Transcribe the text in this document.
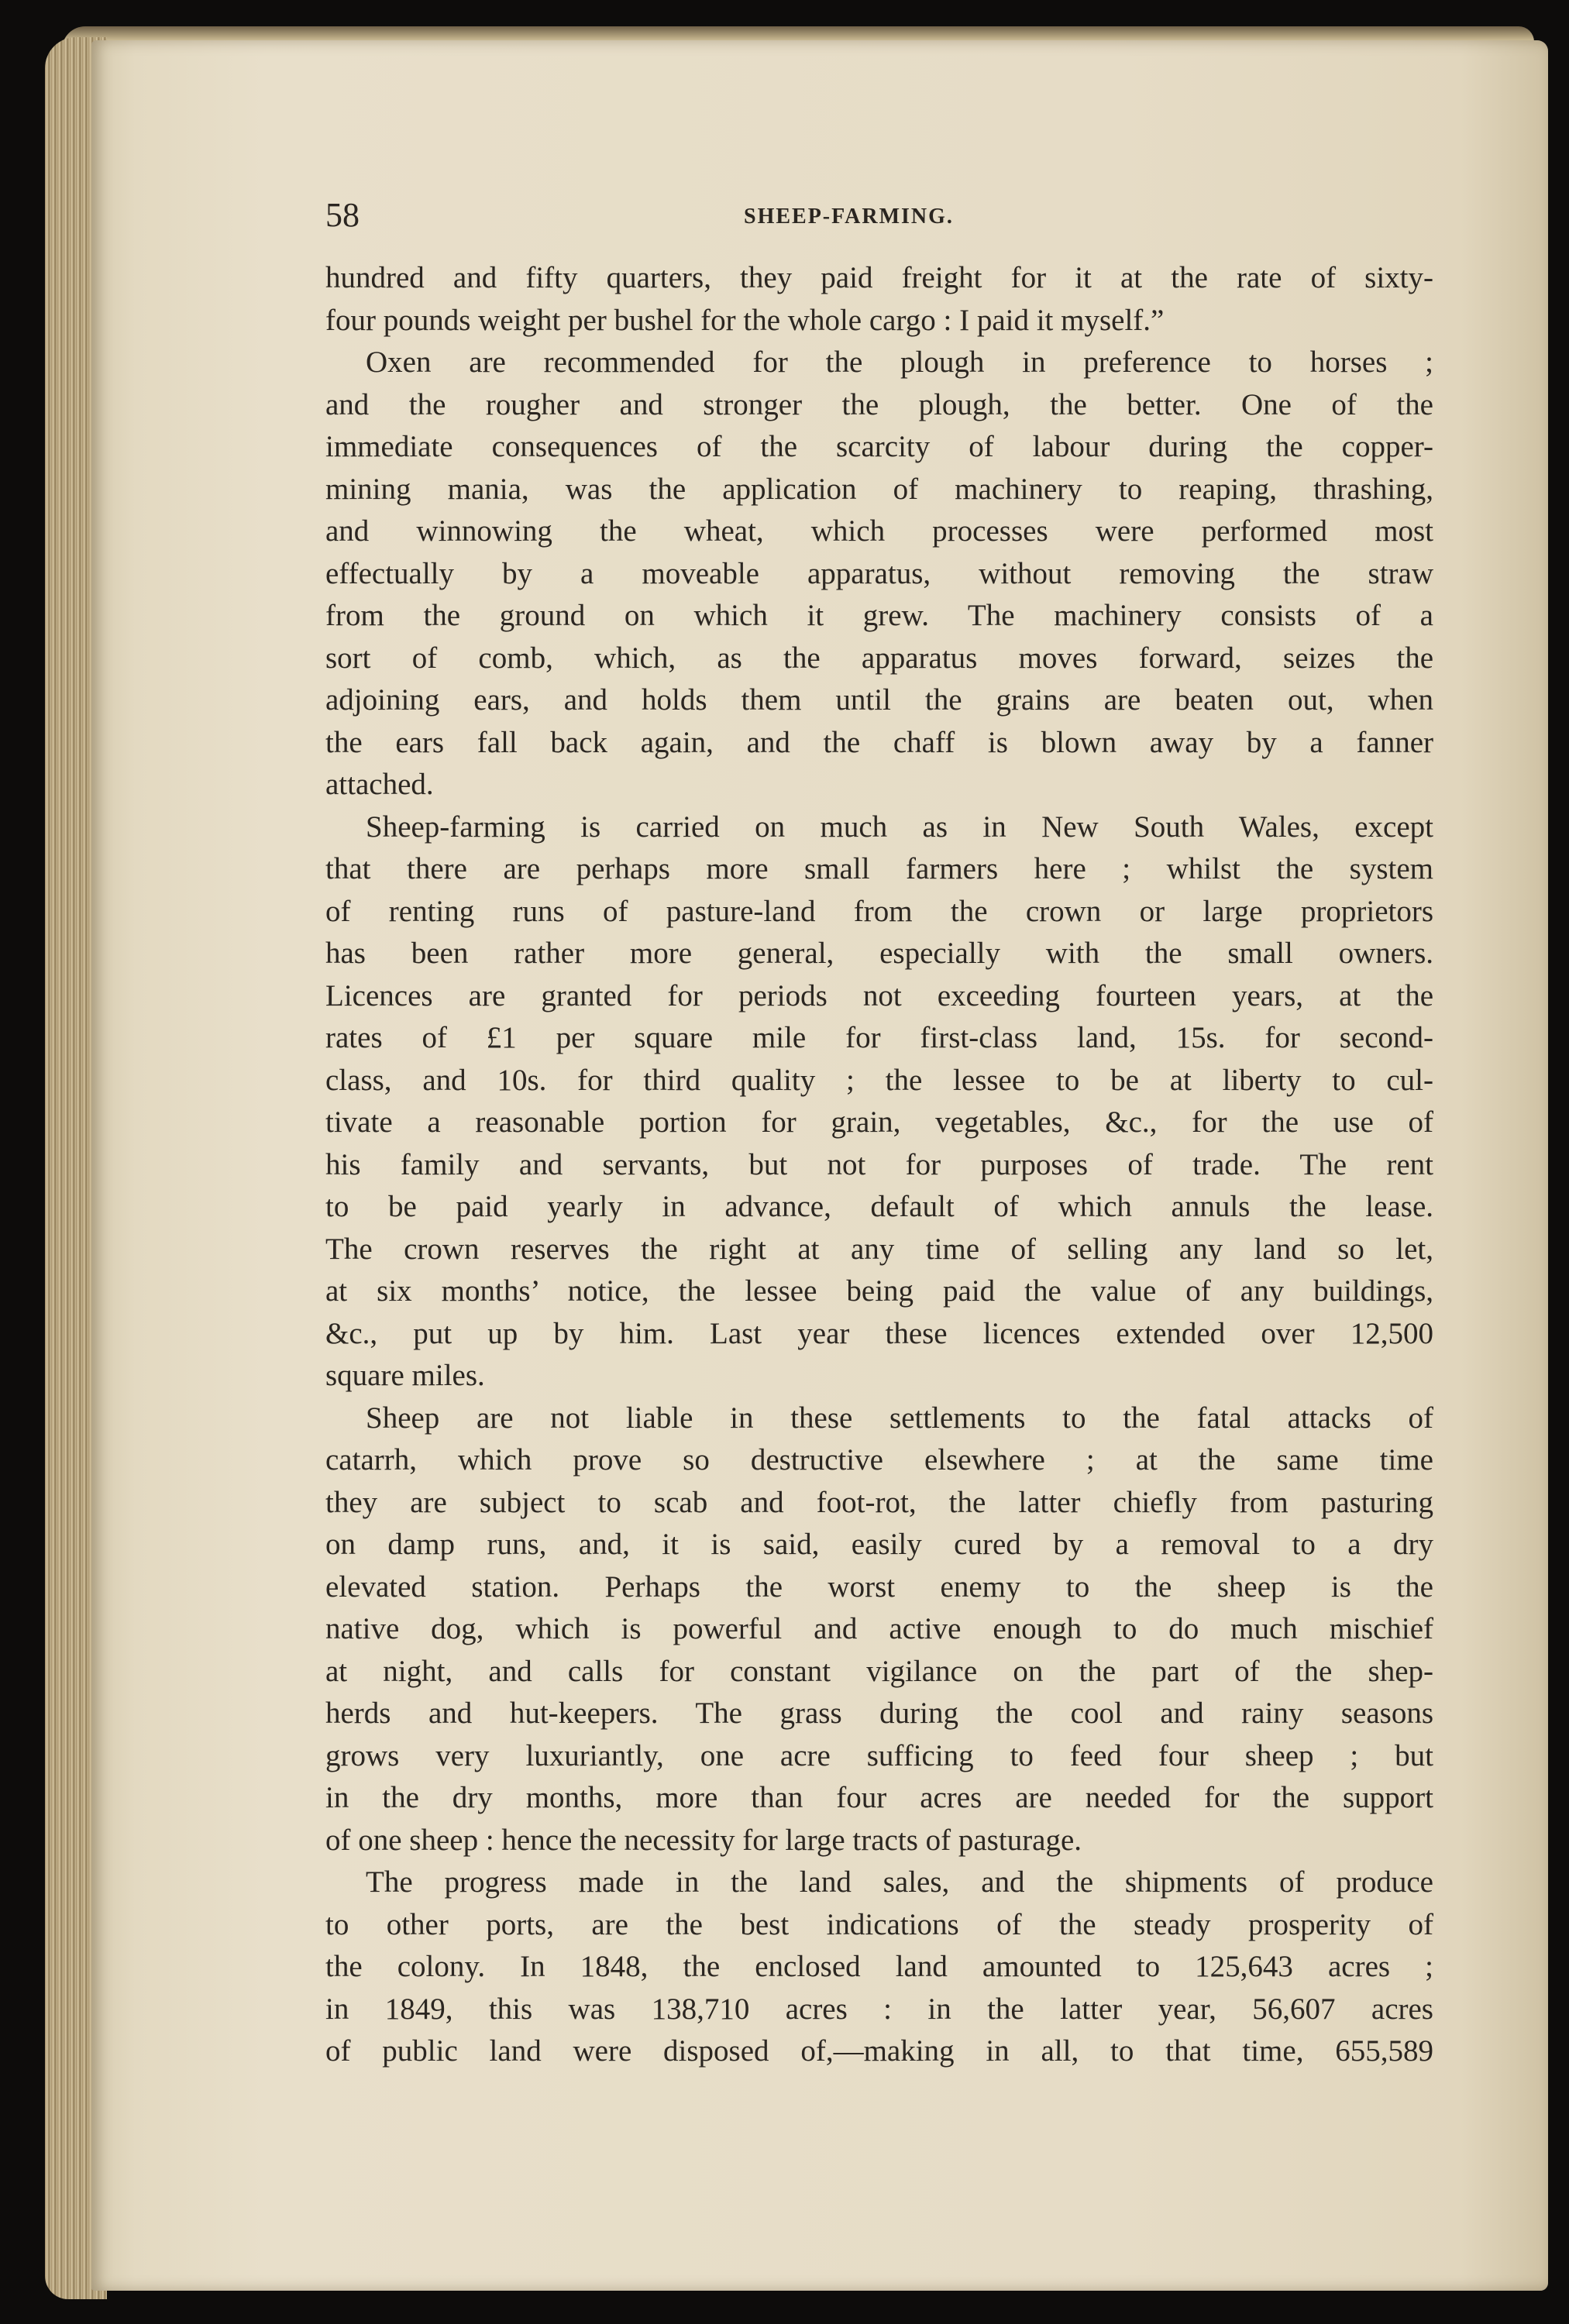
58	SHEEP-FARMING.

hundred and fifty quarters, they paid freight for it at the rate of sixty-
four pounds weight per bushel for the whole cargo : I paid it myself.”

Oxen are recommended for the plough in preference to horses ;
and the rougher and stronger the plough, the better. One of the
immediate consequences of the scarcity of labour during the copper-
mining mania, was the application of machinery to reaping, thrashing,
and winnowing the wheat, which processes were performed most
effectually by a moveable apparatus, without removing the straw
from the ground on which it grew. The machinery consists of a
sort of comb, which, as the apparatus moves forward, seizes the
adjoining ears, and holds them until the grains are beaten out, when
the ears fall back again, and the chaff is blown away by a fanner
attached.

Sheep-farming is carried on much as in New South Wales, except
that there are perhaps more small farmers here ; whilst the system
of renting runs of pasture-land from the crown or large proprietors
has been rather more general, especially with the small owners.
Licences are granted for periods not exceeding fourteen years, at the
rates of £1 per square mile for first-class land, 15s. for second-
class, and 10s. for third quality ; the lessee to be at liberty to cul-
tivate a reasonable portion for grain, vegetables, &c., for the use of
his family and servants, but not for purposes of trade. The rent
to be paid yearly in advance, default of which annuls the lease.
The crown reserves the right at any time of selling any land so let,
at six months’ notice, the lessee being paid the value of any buildings,
&c., put up by him. Last year these licences extended over 12,500
square miles.

Sheep are not liable in these settlements to the fatal attacks of
catarrh, which prove so destructive elsewhere ; at the same time
they are subject to scab and foot-rot, the latter chiefly from pasturing
on damp runs, and, it is said, easily cured by a removal to a dry
elevated station. Perhaps the worst enemy to the sheep is the
native dog, which is powerful and active enough to do much mischief
at night, and calls for constant vigilance on the part of the shep-
herds and hut-keepers. The grass during the cool and rainy seasons
grows very luxuriantly, one acre sufficing to feed four sheep ; but
in the dry months, more than four acres are needed for the support
of one sheep : hence the necessity for large tracts of pasturage.

The progress made in the land sales, and the shipments of produce
to other ports, are the best indications of the steady prosperity of
the colony. In 1848, the enclosed land amounted to 125,643 acres ;
in 1849, this was 138,710 acres : in the latter year, 56,607 acres
of public land were disposed of,—making in all, to that time, 655,589
